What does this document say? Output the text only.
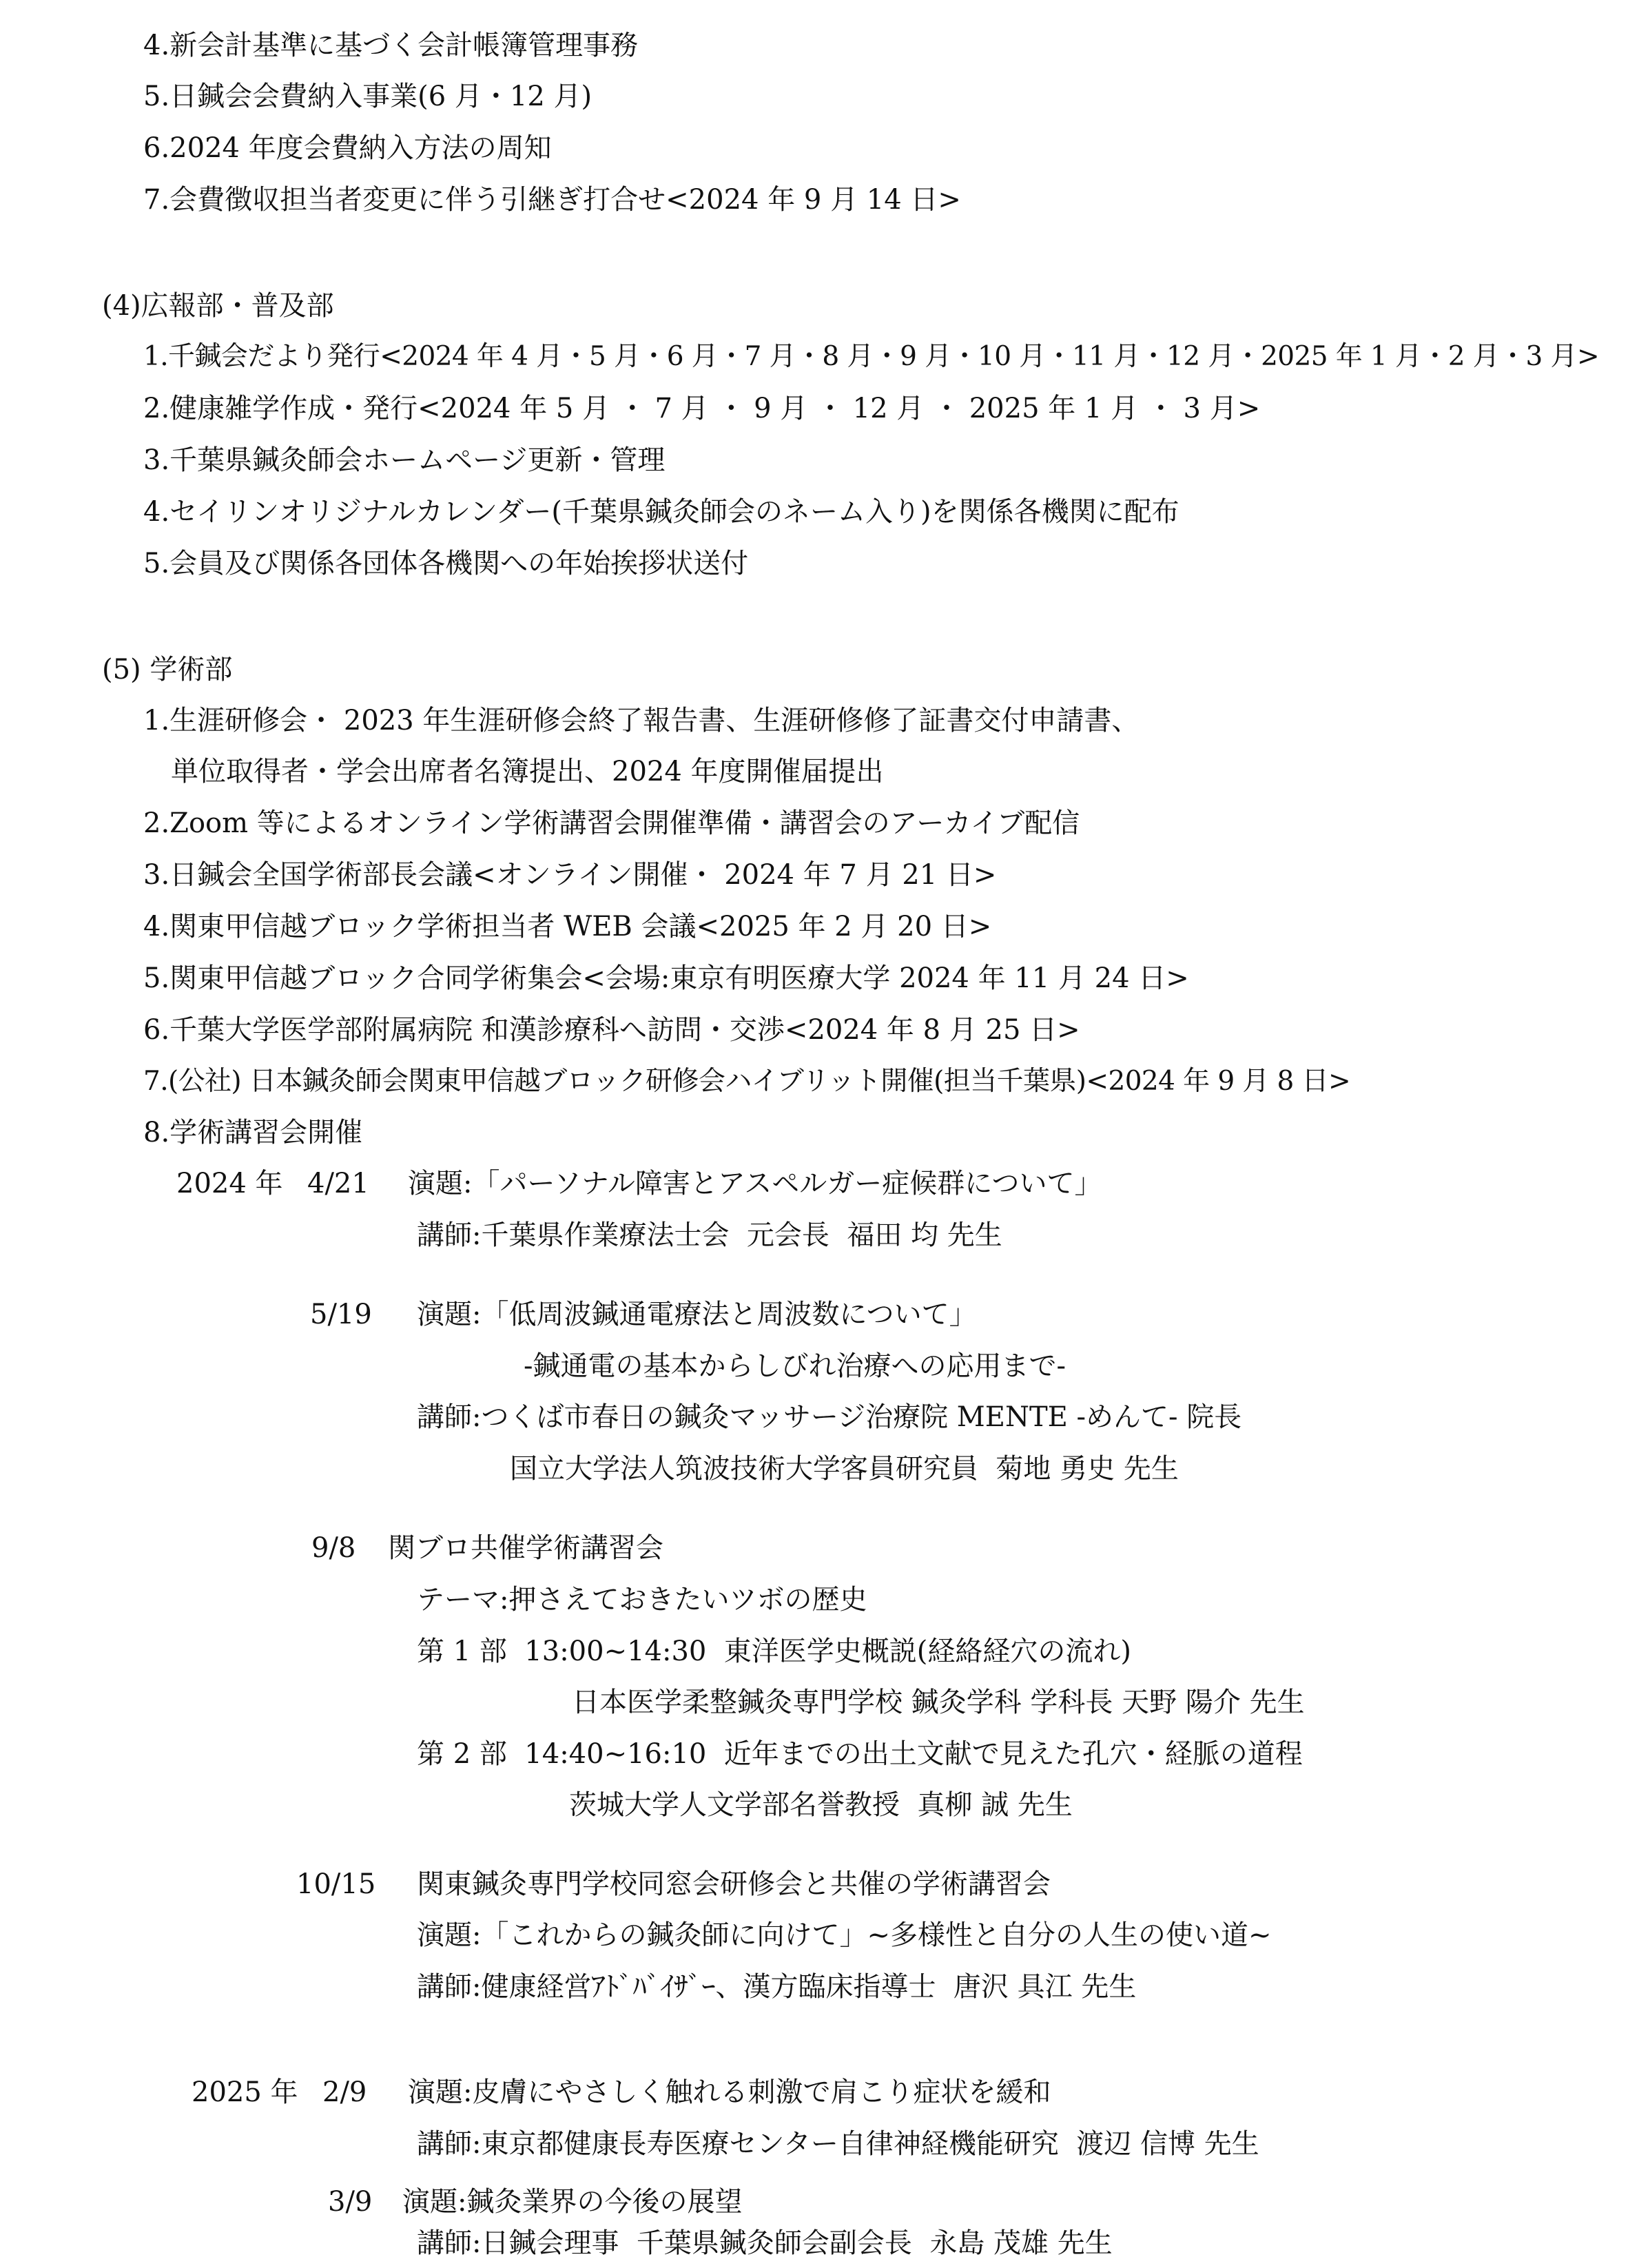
4.新会計基準に基づく会計帳簿管理事務
5.日鍼会会費納入事業(6 月・12 月)
6.2024 年度会費納入方法の周知
7.会費徴収担当者変更に伴う引継ぎ打合せ<2024 年 9 月 14 日>
(4)広報部・普及部
1.千鍼会だより発行<2024 年 4 月・5 月・6 月・7 月・8 月・9 月・10 月・11 月・12 月・2025 年 1 月・2 月・3 月>
2.健康雑学作成・発行<2024 年 5 月 ・ 7 月 ・ 9 月 ・ 12 月 ・ 2025 年 1 月 ・ 3 月>
3.千葉県鍼灸師会ホームページ更新・管理
4.セイリンオリジナルカレンダー(千葉県鍼灸師会のネーム入り)を関係各機関に配布
5.会員及び関係各団体各機関への年始挨拶状送付
(5) 学術部
1.生涯研修会・ 2023 年生涯研修会終了報告書、生涯研修修了証書交付申請書、
単位取得者・学会出席者名簿提出、2024 年度開催届提出
2.Zoom 等によるオンライン学術講習会開催準備・講習会のアーカイブ配信
3.日鍼会全国学術部長会議<オンライン開催・ 2024 年 7 月 21 日>
4.関東甲信越ブロック学術担当者 WEB 会議<2025 年 2 月 20 日>
5.関東甲信越ブロック合同学術集会<会場:東京有明医療大学 2024 年 11 月 24 日>
6.千葉大学医学部附属病院 和漢診療科へ訪問・交渉<2024 年 8 月 25 日>
7.(公社) 日本鍼灸師会関東甲信越ブロック研修会ハイブリット開催(担当千葉県)<2024 年 9 月 8 日>
8.学術講習会開催
2024 年 4/21 演題:「パーソナル障害とアスペルガー症候群について」
講師:千葉県作業療法士会  元会長  福田 均 先生
5/19 演題:「低周波鍼通電療法と周波数について」
-鍼通電の基本からしびれ治療への応用まで-
講師:つくば市春日の鍼灸マッサージ治療院 MENTE -めんて- 院長
国立大学法人筑波技術大学客員研究員  菊地 勇史 先生
9/8 関ブロ共催学術講習会
テーマ:押さえておきたいツボの歴史
第 1 部  13:00~14:30  東洋医学史概説(経絡経穴の流れ)
日本医学柔整鍼灸専門学校 鍼灸学科 学科長 天野 陽介 先生
第 2 部  14:40~16:10  近年までの出土文献で見えた孔穴・経脈の道程
茨城大学人文学部名誉教授  真柳 誠 先生
10/15 関東鍼灸専門学校同窓会研修会と共催の学術講習会
演題:「これからの鍼灸師に向けて」~多様性と自分の人生の使い道~
講師:健康経営ｱﾄﾞﾊﾞｲｻﾞｰ、漢方臨床指導士  唐沢 具江 先生
2025 年 2/9 演題:皮膚にやさしく触れる刺激で肩こり症状を緩和
講師:東京都健康長寿医療センター自律神経機能研究  渡辺 信博 先生
3/9 演題:鍼灸業界の今後の展望
講師:日鍼会理事  千葉県鍼灸師会副会長  永島 茂雄 先生
